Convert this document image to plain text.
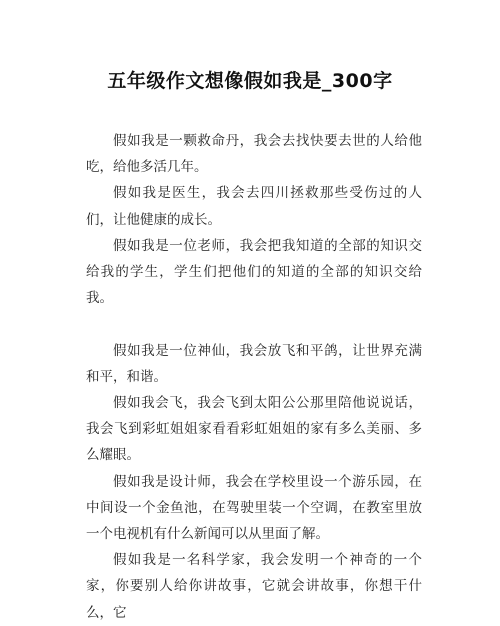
五年级作文想像假如我是_300字

假如我是一颗救命丹，我会去找快要去世的人给他吃，给他多活几年。

假如我是医生，我会去四川拯救那些受伤过的人们，让他健康的成长。

假如我是一位老师，我会把我知道的全部的知识交给我的学生，学生们把他们的知道的全部的知识交给我。

假如我是一位神仙，我会放飞和平鸽，让世界充满和平，和谐。

假如我会飞，我会飞到太阳公公那里陪他说说话，我会飞到彩虹姐姐家看看彩虹姐姐的家有多么美丽、多么耀眼。

假如我是设计师，我会在学校里设一个游乐园，在中间设一个金鱼池，在驾驶里装一个空调，在教室里放一个电视机有什么新闻可以从里面了解。

假如我是一名科学家，我会发明一个神奇的一个家，你要别人给你讲故事，它就会讲故事，你想干什么，它
